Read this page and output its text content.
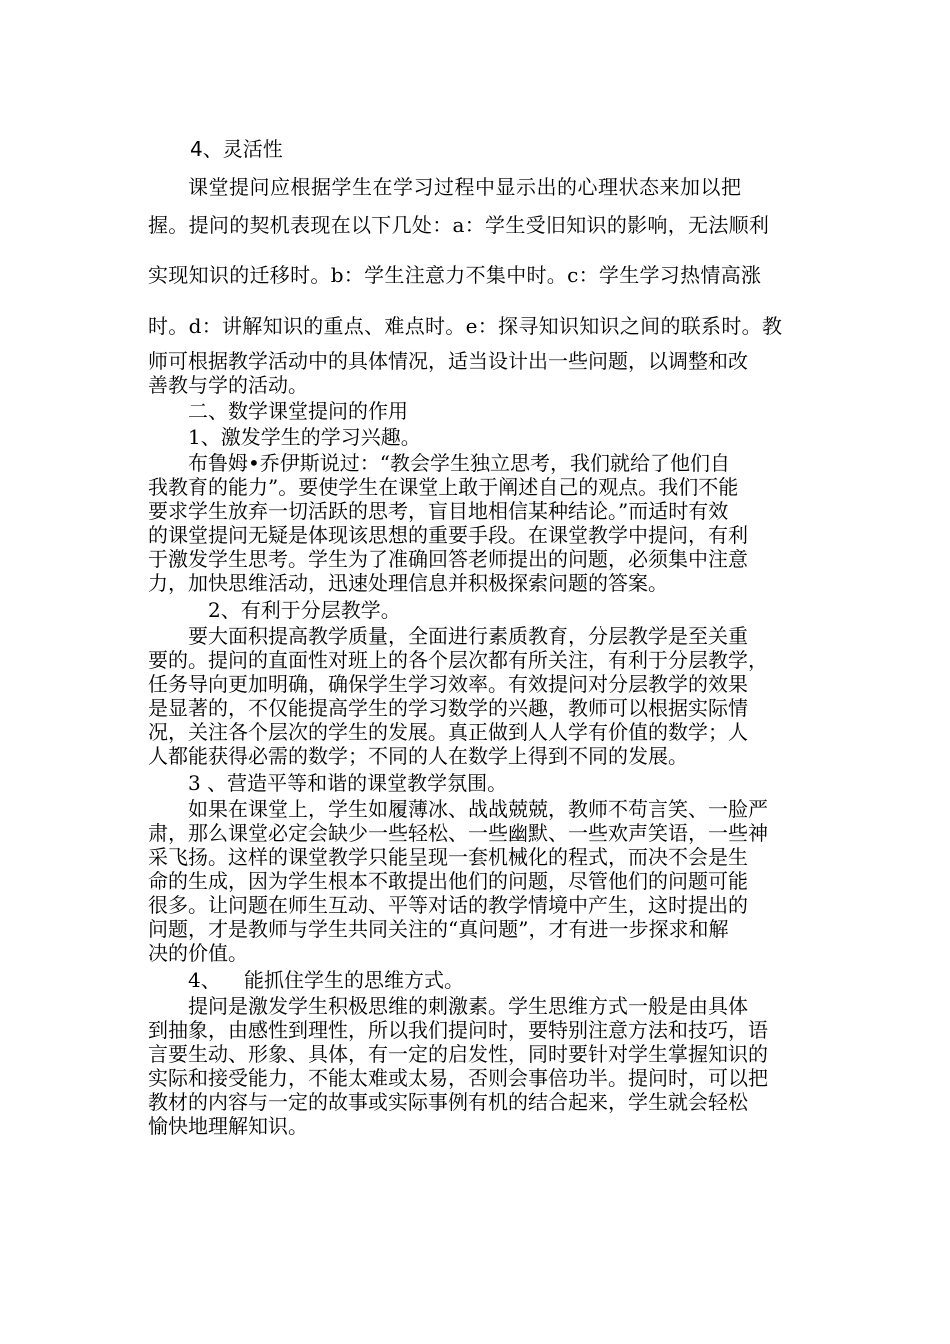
4、灵活性
课堂提问应根据学生在学习过程中显示出的心理状态来加以把
握。提问的契机表现在以下几处：a：学生受旧知识的影响，无法顺利
实现知识的迁移时。b：学生注意力不集中时。c：学生学习热情高涨
时。d：讲解知识的重点、难点时。e：探寻知识知识之间的联系时。教
师可根据教学活动中的具体情况，适当设计出一些问题，以调整和改
善教与学的活动。
二、数学课堂提问的作用
1、激发学生的学习兴趣。
布鲁姆•乔伊斯说过：“教会学生独立思考，我们就给了他们自
我教育的能力”。要使学生在课堂上敢于阐述自己的观点。我们不能
要求学生放弃一切活跃的思考，盲目地相信某种结论。”而适时有效
的课堂提问无疑是体现该思想的重要手段。在课堂教学中提问，有利
于激发学生思考。学生为了准确回答老师提出的问题，必须集中注意
力，加快思维活动，迅速处理信息并积极探索问题的答案。
2、有利于分层教学。
要大面积提高教学质量，全面进行素质教育，分层教学是至关重
要的。提问的直面性对班上的各个层次都有所关注，有利于分层教学，
任务导向更加明确，确保学生学习效率。有效提问对分层教学的效果
是显著的，不仅能提高学生的学习数学的兴趣，教师可以根据实际情
况，关注各个层次的学生的发展。真正做到人人学有价值的数学；人
人都能获得必需的数学；不同的人在数学上得到不同的发展。
3 、营造平等和谐的课堂教学氛围。
如果在课堂上，学生如履薄冰、战战兢兢，教师不苟言笑、一脸严
肃，那么课堂必定会缺少一些轻松、一些幽默、一些欢声笑语，一些神
采飞扬。这样的课堂教学只能呈现一套机械化的程式，而决不会是生
命的生成，因为学生根本不敢提出他们的问题，尽管他们的问题可能
很多。让问题在师生互动、平等对话的教学情境中产生，这时提出的
问题，才是教师与学生共同关注的“真问题”，才有进一步探求和解
决的价值。
4、 能抓住学生的思维方式。
提问是激发学生积极思维的刺激素。学生思维方式一般是由具体
到抽象，由感性到理性，所以我们提问时，要特别注意方法和技巧，语
言要生动、形象、具体，有一定的启发性，同时要针对学生掌握知识的
实际和接受能力，不能太难或太易，否则会事倍功半。提问时，可以把
教材的内容与一定的故事或实际事例有机的结合起来，学生就会轻松
愉快地理解知识。
